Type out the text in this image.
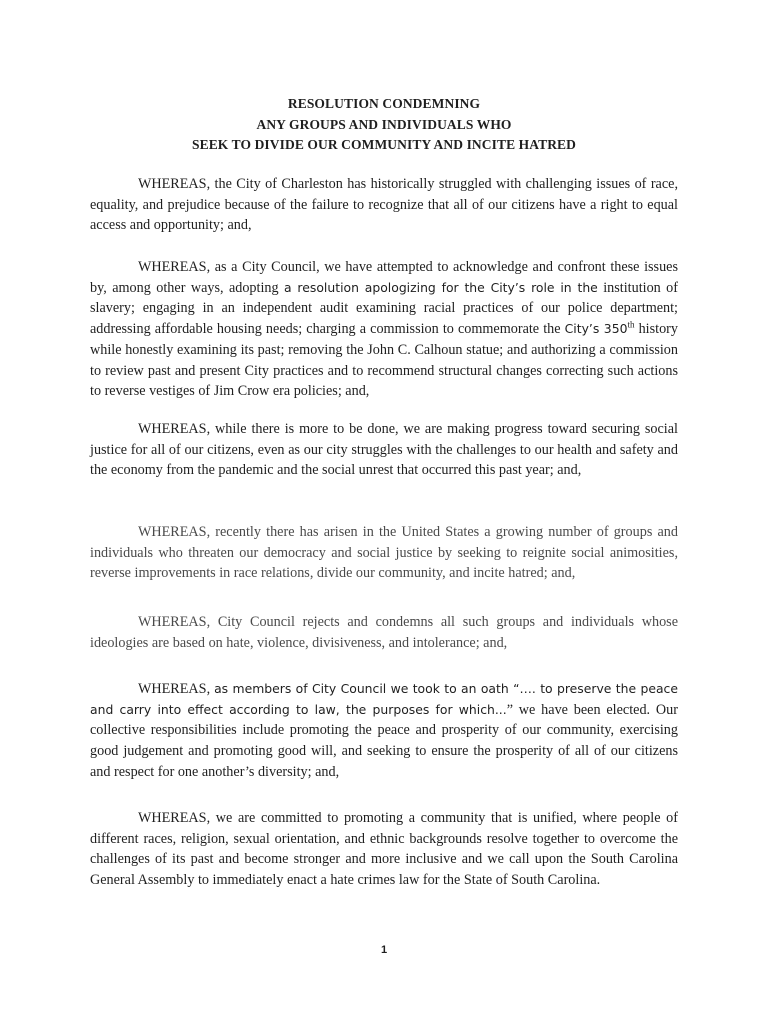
RESOLUTION CONDEMNING
ANY GROUPS AND INDIVIDUALS WHO
SEEK TO DIVIDE OUR COMMUNITY AND INCITE HATRED
WHEREAS, the City of Charleston has historically struggled with challenging issues of race, equality, and prejudice because of the failure to recognize that all of our citizens have a right to equal access and opportunity; and,
WHEREAS, as a City Council, we have attempted to acknowledge and confront these issues by, among other ways, adopting a resolution apologizing for the City’s role in the institution of slavery; engaging in an independent audit examining racial practices of our police department; addressing affordable housing needs; charging a commission to commemorate the City’s 350th history while honestly examining its past; removing the John C. Calhoun statue; and authorizing a commission to review past and present City practices and to recommend structural changes correcting such actions to reverse vestiges of Jim Crow era policies; and,
WHEREAS, while there is more to be done, we are making progress toward securing social justice for all of our citizens, even as our city struggles with the challenges to our health and safety and the economy from the pandemic and the social unrest that occurred this past year; and,
WHEREAS, recently there has arisen in the United States a growing number of groups and individuals who threaten our democracy and social justice by seeking to reignite social animosities, reverse improvements in race relations, divide our community, and incite hatred; and,
WHEREAS, City Council rejects and condemns all such groups and individuals whose ideologies are based on hate, violence, divisiveness, and intolerance; and,
WHEREAS, as members of City Council we took to an oath “…. to preserve the peace and carry into effect according to law, the purposes for which...” we have been elected. Our collective responsibilities include promoting the peace and prosperity of our community, exercising good judgement and promoting good will, and seeking to ensure the prosperity of all of our citizens and respect for one another’s diversity; and,
WHEREAS, we are committed to promoting a community that is unified, where people of different races, religion, sexual orientation, and ethnic backgrounds resolve together to overcome the challenges of its past and become stronger and more inclusive and we call upon the South Carolina General Assembly to immediately enact a hate crimes law for the State of South Carolina.
1
